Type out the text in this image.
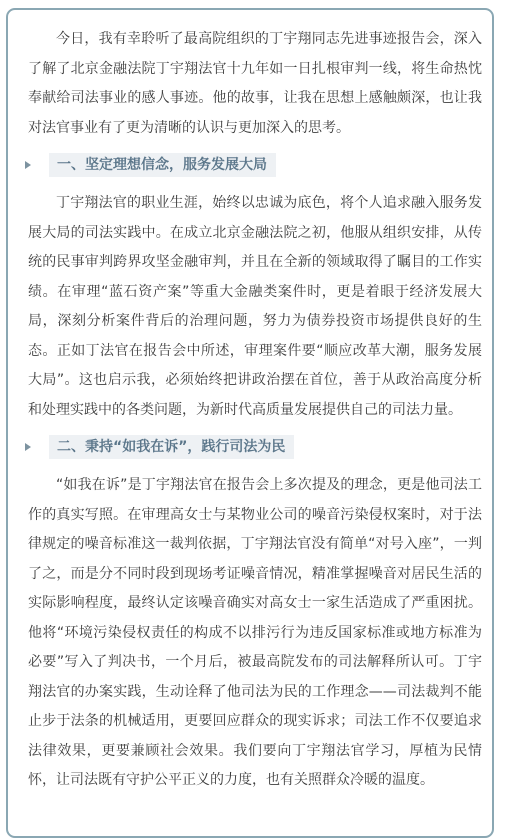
今日，我有幸聆听了最高院组织的丁宇翔同志先进事迹报告会，深入了解了北京金融法院丁宇翔法官十九年如一日扎根审判一线，将生命热忱奉献给司法事业的感人事迹。他的故事，让我在思想上感触颇深，也让我对法官事业有了更为清晰的认识与更加深入的思考。

一、坚定理想信念，服务发展大局

丁宇翔法官的职业生涯，始终以忠诚为底色，将个人追求融入服务发展大局的司法实践中。在成立北京金融法院之初，他服从组织安排，从传统的民事审判跨界攻坚金融审判，并且在全新的领域取得了瞩目的工作实绩。在审理“蓝石资产案”等重大金融类案件时，更是着眼于经济发展大局，深刻分析案件背后的治理问题，努力为债券投资市场提供良好的生态。正如丁法官在报告会中所述，审理案件要“顺应改革大潮，服务发展大局”。这也启示我，必须始终把讲政治摆在首位，善于从政治高度分析和处理实践中的各类问题，为新时代高质量发展提供自己的司法力量。

二、秉持“如我在诉”，践行司法为民

“如我在诉”是丁宇翔法官在报告会上多次提及的理念，更是他司法工作的真实写照。在审理高女士与某物业公司的噪音污染侵权案时，对于法律规定的噪音标准这一裁判依据，丁宇翔法官没有简单“对号入座”，一判了之，而是分不同时段到现场考证噪音情况，精准掌握噪音对居民生活的实际影响程度，最终认定该噪音确实对高女士一家生活造成了严重困扰。他将“环境污染侵权责任的构成不以排污行为违反国家标准或地方标准为必要”写入了判决书，一个月后，被最高院发布的司法解释所认可。丁宇翔法官的办案实践，生动诠释了他司法为民的工作理念——司法裁判不能止步于法条的机械适用，更要回应群众的现实诉求；司法工作不仅要追求法律效果，更要兼顾社会效果。我们要向丁宇翔法官学习，厚植为民情怀，让司法既有守护公平正义的力度，也有关照群众冷暖的温度。
